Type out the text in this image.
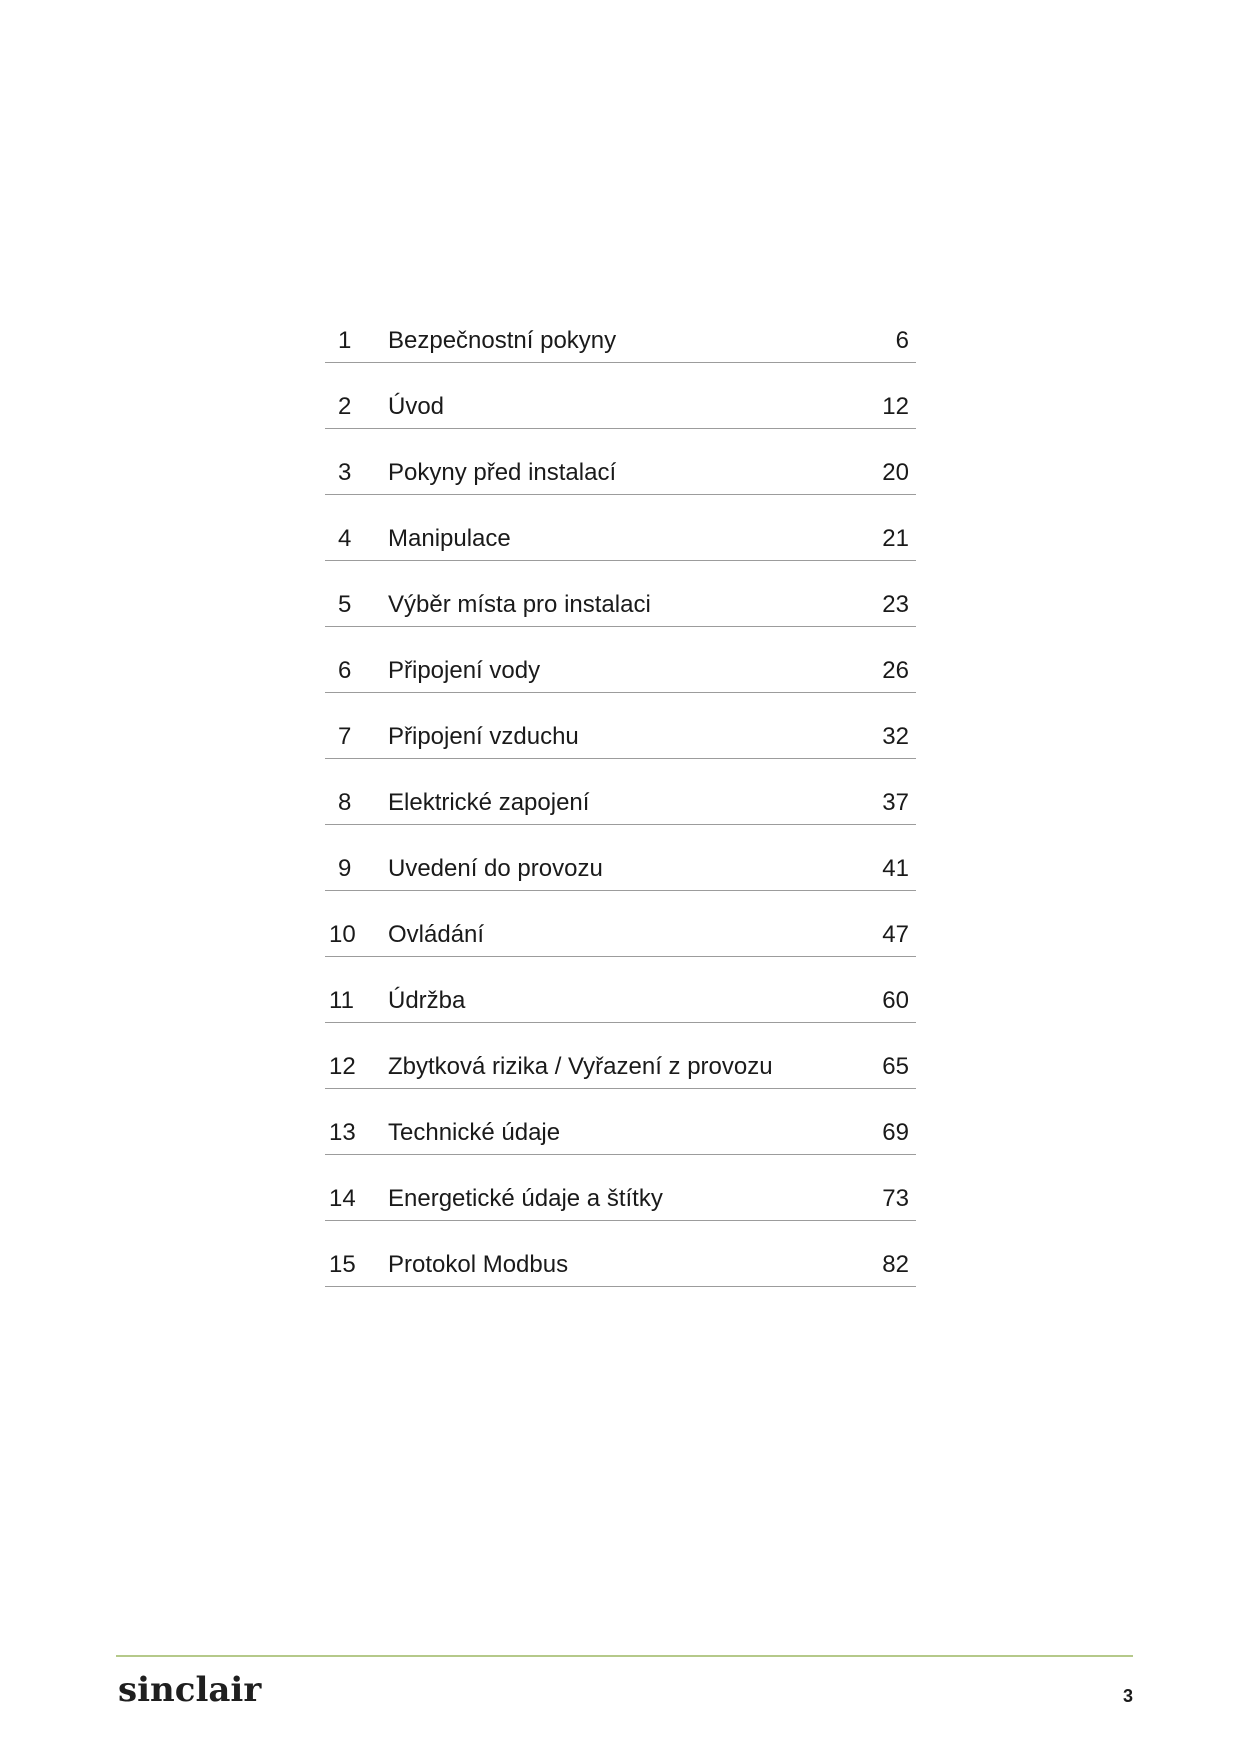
1 Bezpečnostní pokyny	6
2 Úvod	12
3 Pokyny před instalací	20
4 Manipulace	21
5 Výběr místa pro instalaci	23
6 Připojení vody	26
7 Připojení vzduchu	32
8 Elektrické zapojení	37
9 Uvedení do provozu	41
10 Ovládání	47
11 Údržba	60
12 Zbytková rizika / Vyřazení z provozu	65
13 Technické údaje	69
14 Energetické údaje a štítky	73
15 Protokol Modbus	82
sinclair	3
